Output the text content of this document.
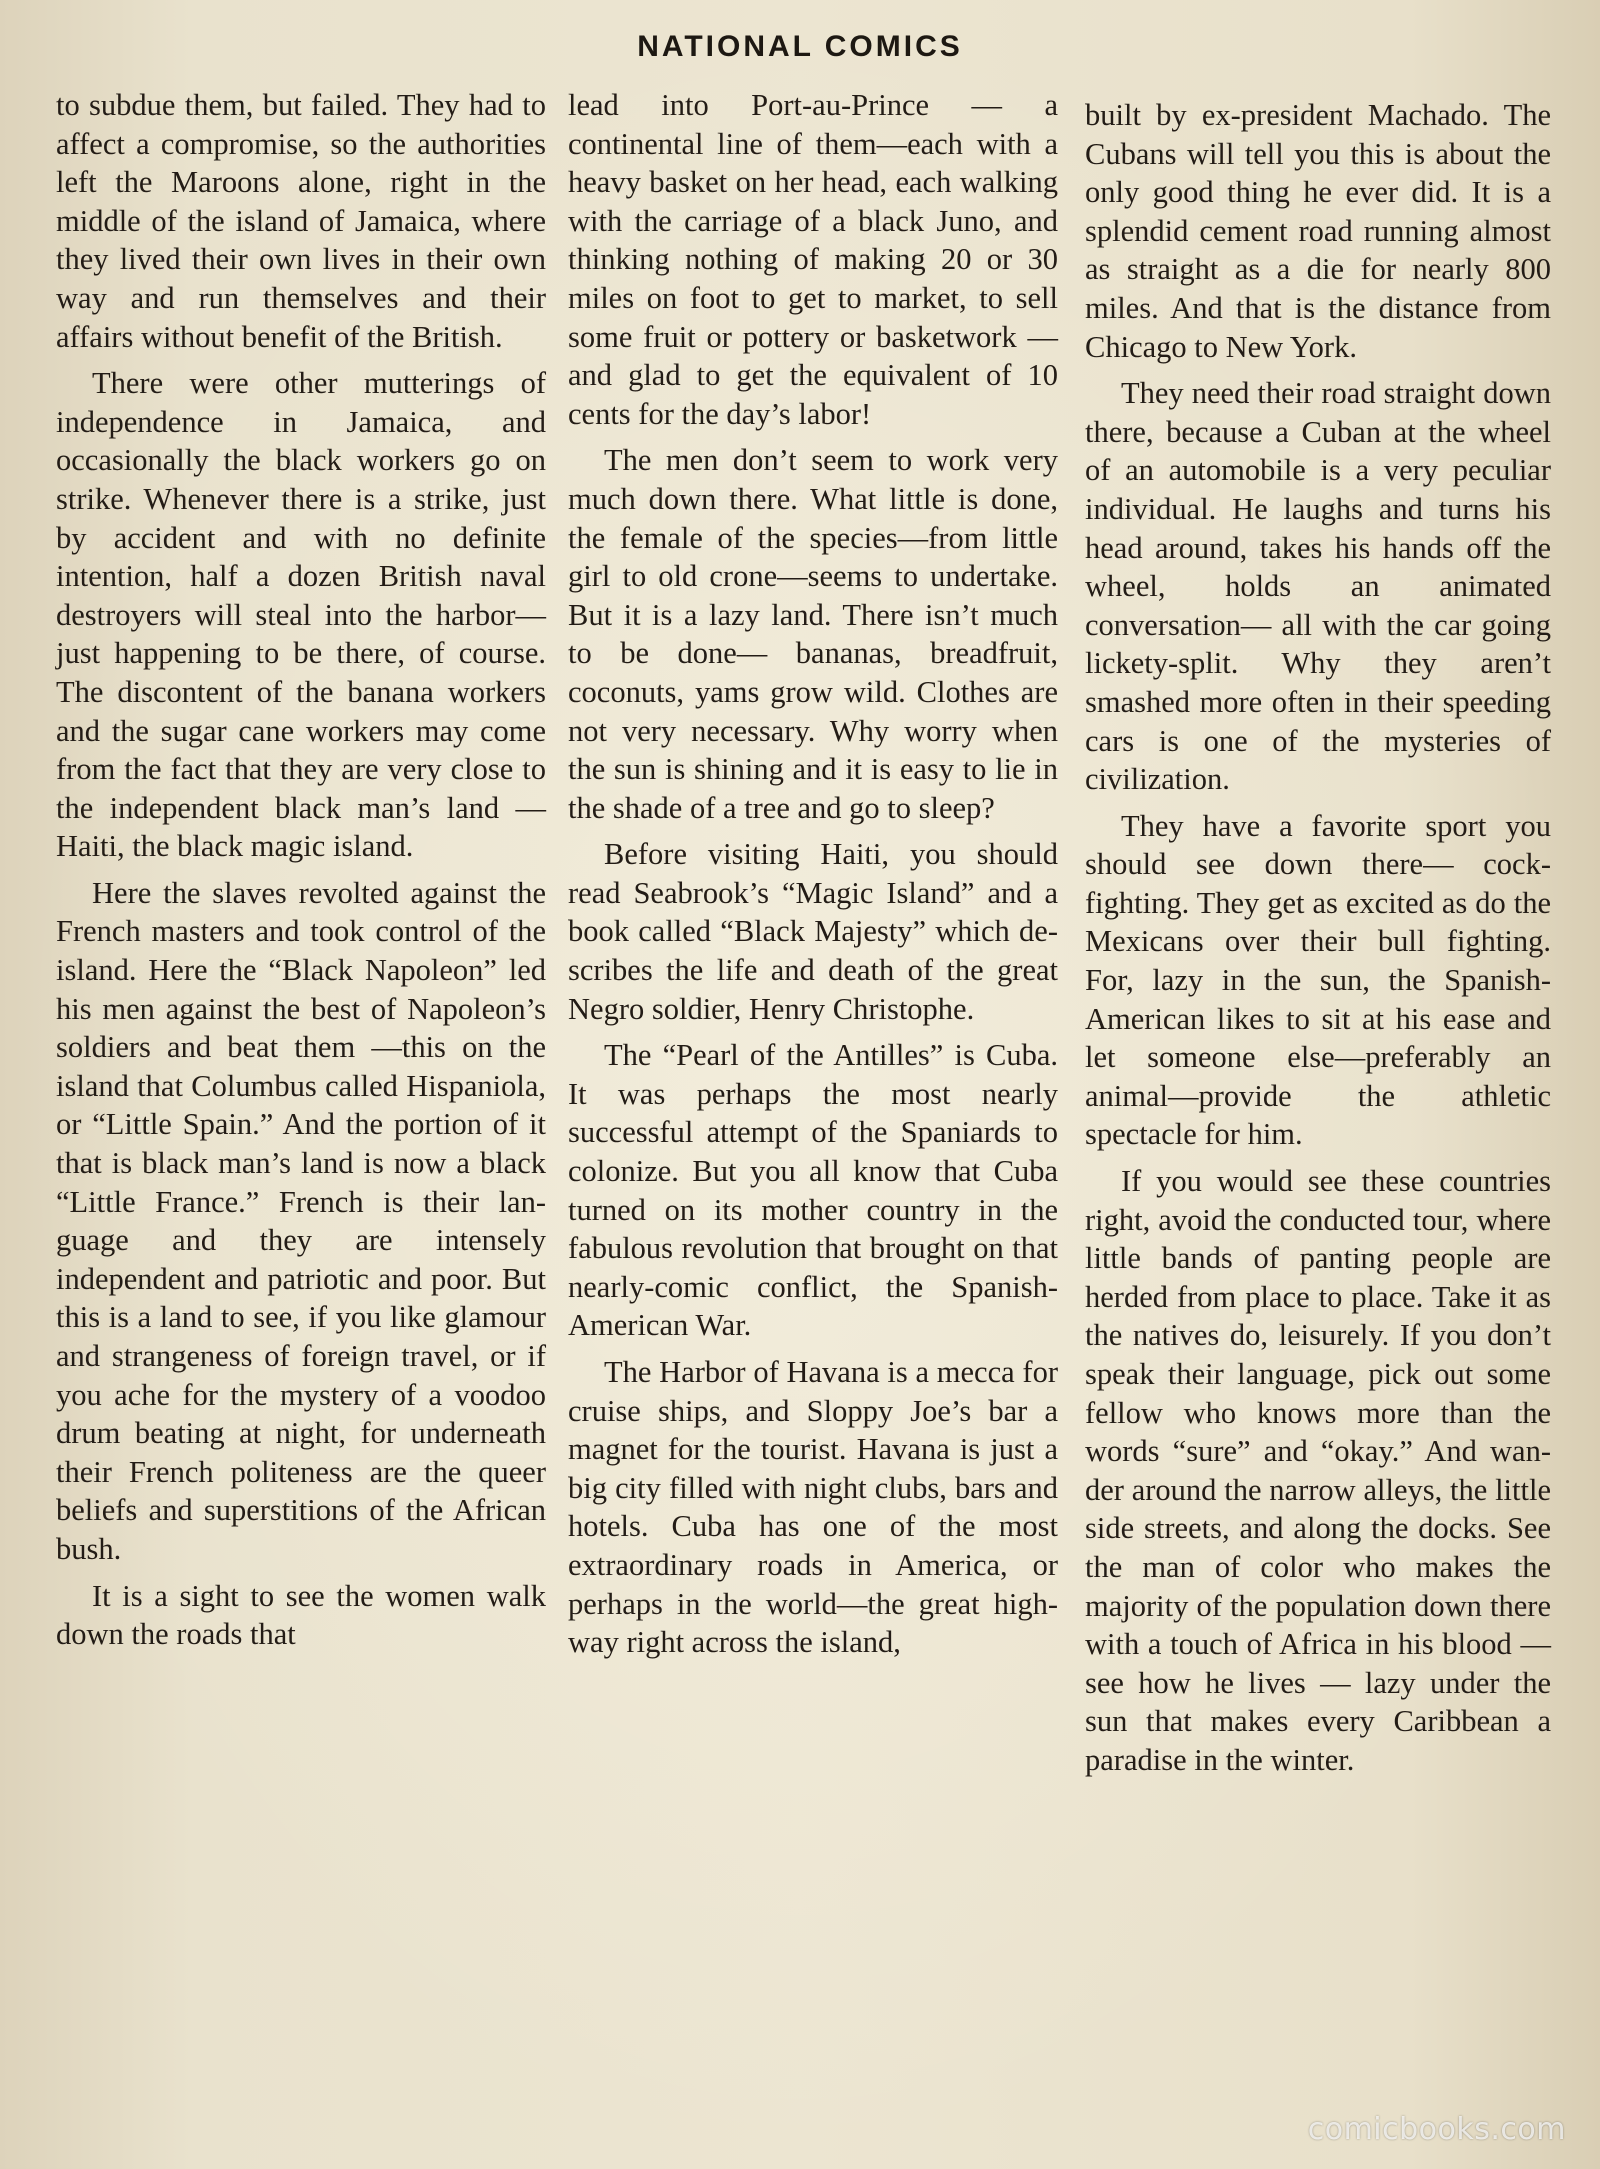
NATIONAL COMICS

to subdue them, but failed. They had to affect a compromise, so the authorities left the Maroons alone, right in the middle of the island of Jamaica, where they lived their own lives in their own way and run themselves and their affairs without benefit of the British.

There were other mutterings of independence in Jamaica, and occasionally the black workers go on strike. Whenever there is a strike, just by accident and with no definite intention, half a dozen British naval destroyers will steal into the harbor—just happening to be there, of course. The discontent of the banana workers and the sugar cane workers may come from the fact that they are very close to the independent black man’s land —Haiti, the black magic island.

Here the slaves revolted against the French masters and took control of the island. Here the “Black Napoleon” led his men against the best of Napoleon’s soldiers and beat them —this on the island that Columbus called Hispaniola, or “Little Spain.” And the portion of it that is black man’s land is now a black “Little France.” French is their language and they are intensely independent and patriotic and poor. But this is a land to see, if you like glamour and strangeness of foreign travel, or if you ache for the mystery of a voodoo drum beating at night, for underneath their French politeness are the queer beliefs and superstitions of the African bush.

It is a sight to see the women walk down the roads that

lead into Port-au-Prince — a continental line of them—each with a heavy basket on her head, each walking with the carriage of a black Juno, and thinking nothing of making 20 or 30 miles on foot to get to market, to sell some fruit or pottery or basketwork — and glad to get the equivalent of 10 cents for the day’s labor!

The men don’t seem to work very much down there. What little is done, the female of the species—from little girl to old crone—seems to undertake. But it is a lazy land. There isn’t much to be done— bananas, breadfruit, coconuts, yams grow wild. Clothes are not very necessary. Why worry when the sun is shining and it is easy to lie in the shade of a tree and go to sleep?

Before visiting Haiti, you should read Seabrook’s “Magic Island” and a book called “Black Majesty” which describes the life and death of the great Negro soldier, Henry Christophe.

The “Pearl of the Antilles” is Cuba. It was perhaps the most nearly successful attempt of the Spaniards to colonize. But you all know that Cuba turned on its mother country in the fabulous revolution that brought on that nearly-comic conflict, the Spanish-American War.

The Harbor of Havana is a mecca for cruise ships, and Sloppy Joe’s bar a magnet for the tourist. Havana is just a big city filled with night clubs, bars and hotels. Cuba has one of the most extraordinary roads in America, or perhaps in the world—the great highway right across the island,

built by ex-president Machado. The Cubans will tell you this is about the only good thing he ever did. It is a splendid cement road running almost as straight as a die for nearly 800 miles. And that is the distance from Chicago to New York.

They need their road straight down there, because a Cuban at the wheel of an automobile is a very peculiar individual. He laughs and turns his head around, takes his hands off the wheel, holds an animated conversation— all with the car going lickety-split. Why they aren’t smashed more often in their speeding cars is one of the mysteries of civilization.

They have a favorite sport you should see down there— cock-fighting. They get as excited as do the Mexicans over their bull fighting. For, lazy in the sun, the Spanish-American likes to sit at his ease and let someone else—preferably an animal—provide the athletic spectacle for him.

If you would see these countries right, avoid the conducted tour, where little bands of panting people are herded from place to place. Take it as the natives do, leisurely. If you don’t speak their language, pick out some fellow who knows more than the words “sure” and “okay.” And wander around the narrow alleys, the little side streets, and along the docks. See the man of color who makes the majority of the population down there with a touch of Africa in his blood — see how he lives — lazy under the sun that makes every Caribbean a paradise in the winter.

comicbooks.com
